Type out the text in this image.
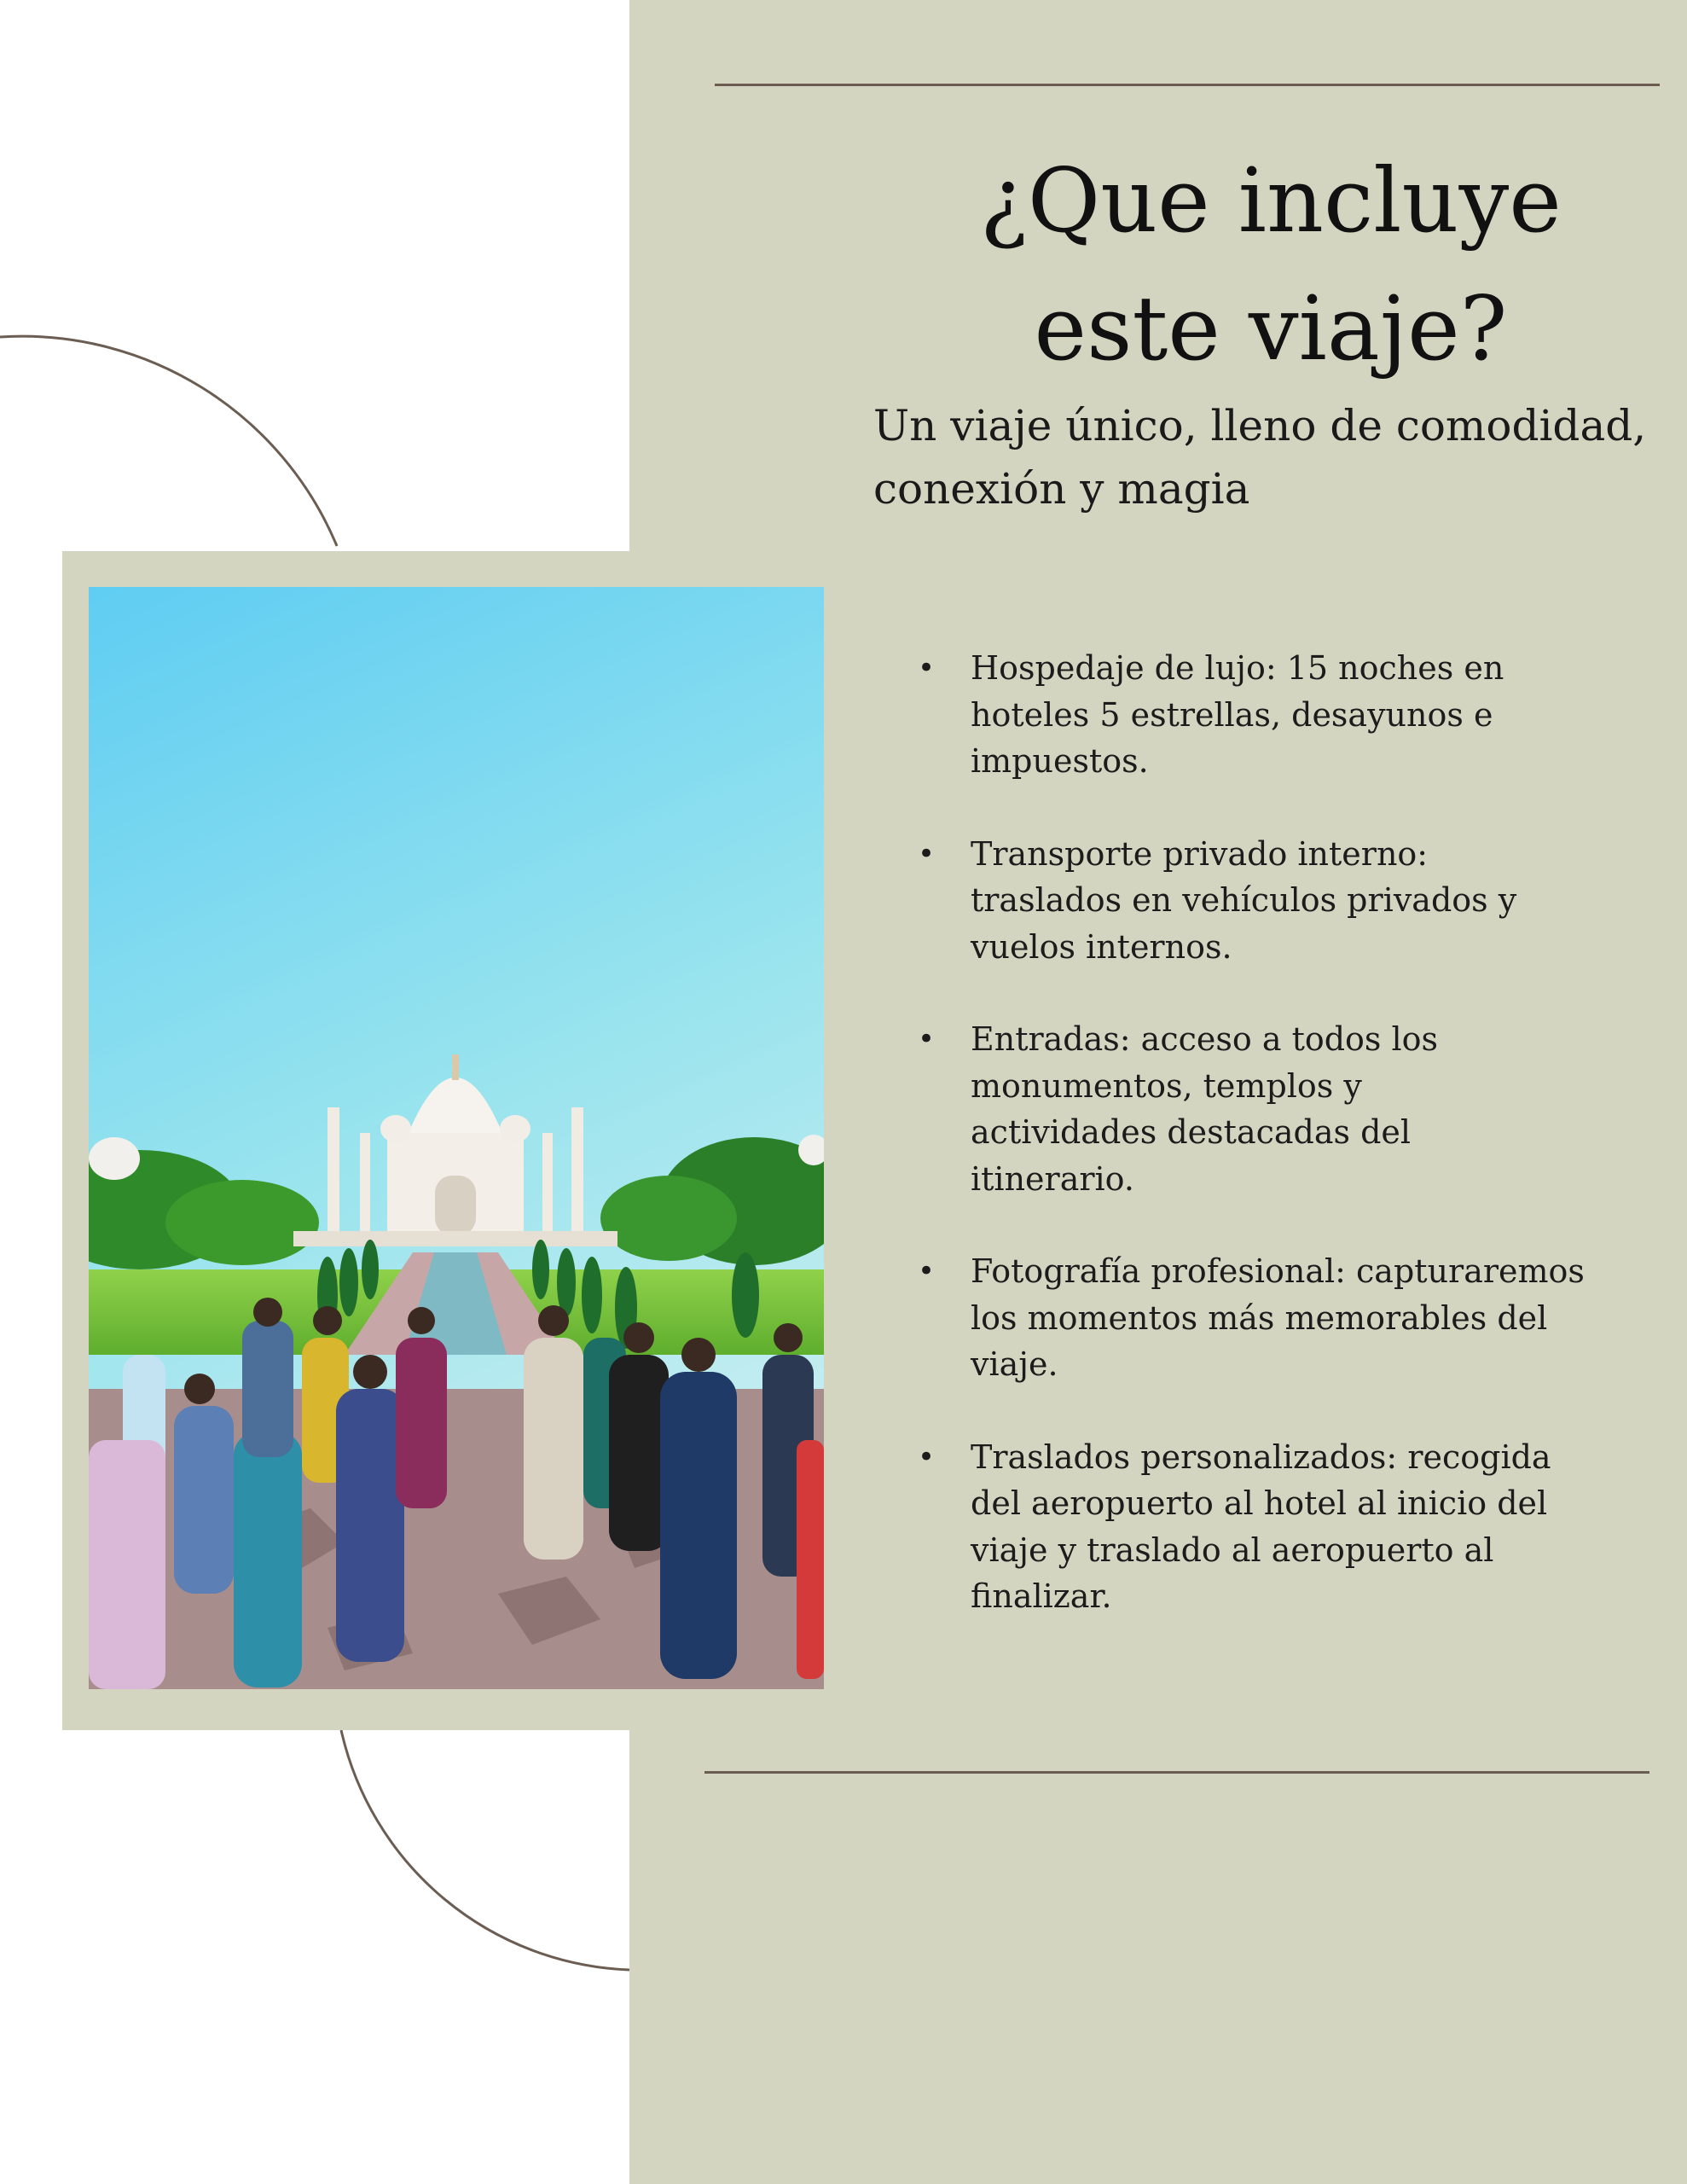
¿Que incluye
este viaje?

Un viaje único, lleno de comodidad,
conexión y magia

• Hospedaje de lujo: 15 noches en
hoteles 5 estrellas, desayunos e
impuestos.
• Transporte privado interno:
traslados en vehículos privados y
vuelos internos.
• Entradas: acceso a todos los
monumentos, templos y
actividades destacadas del
itinerario.
• Fotografía profesional: capturaremos
los momentos más memorables del
viaje.
• Traslados personalizados: recogida
del aeropuerto al hotel al inicio del
viaje y traslado al aeropuerto al
finalizar.
